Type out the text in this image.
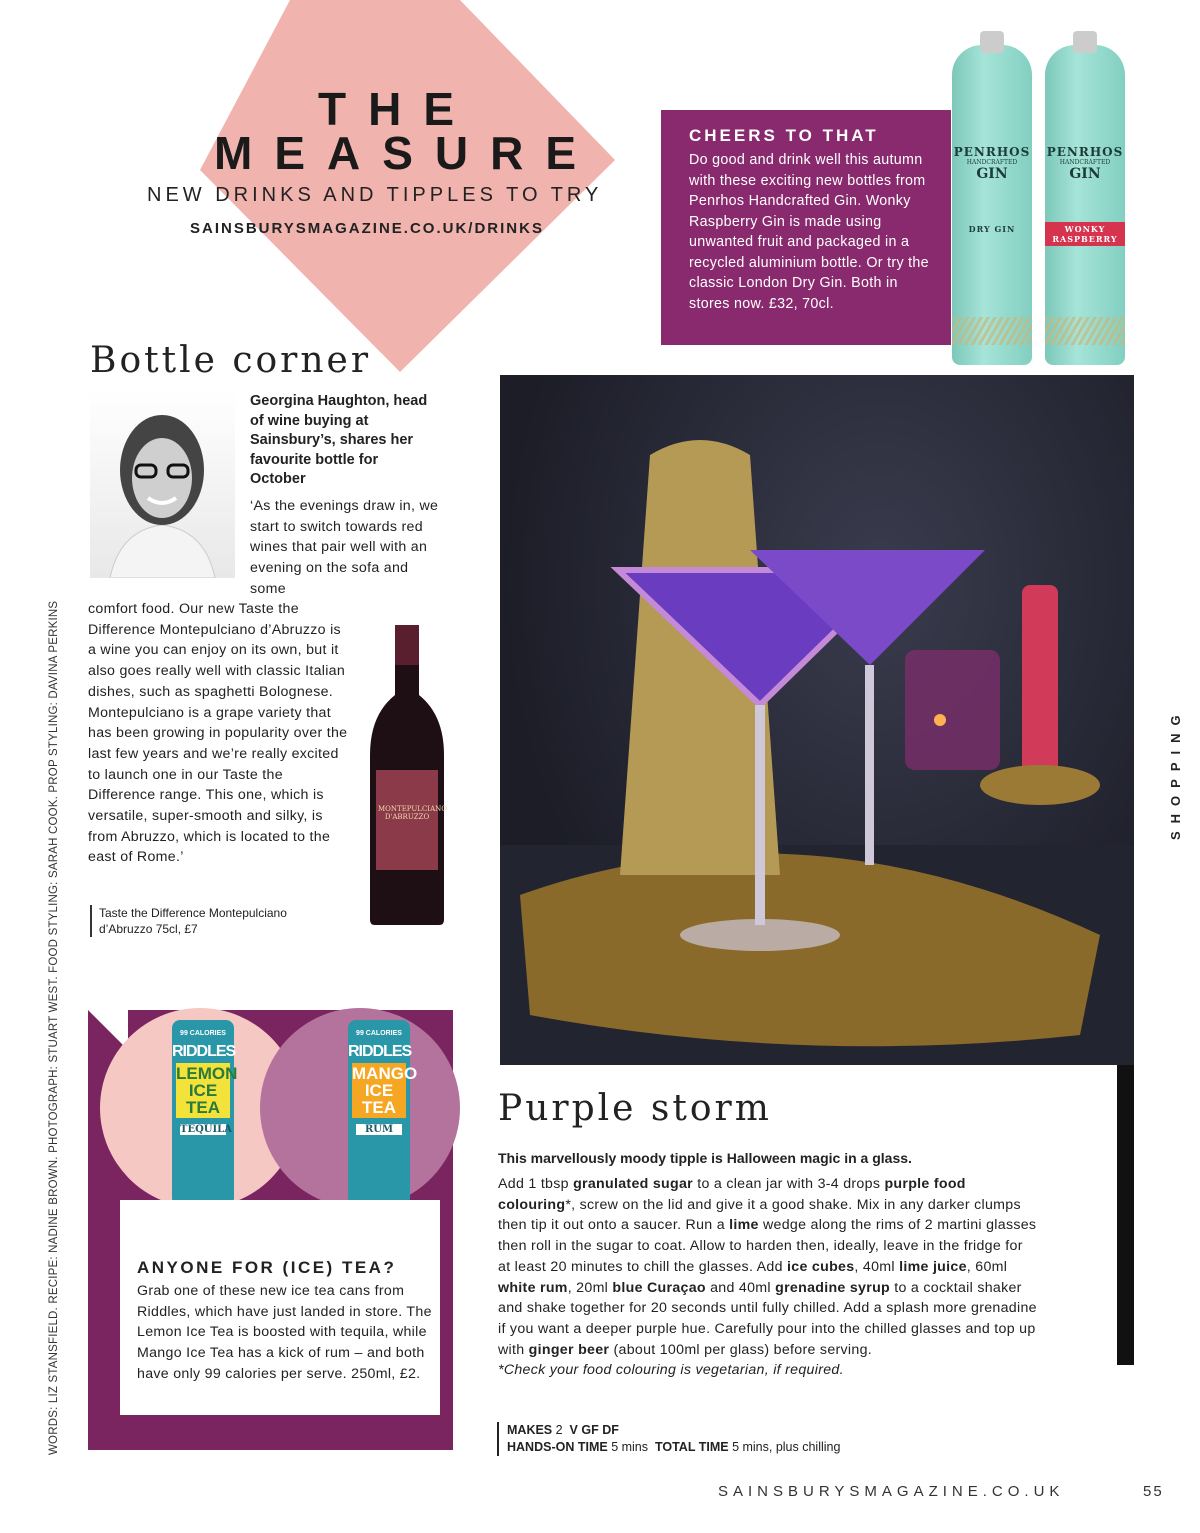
THE
MEASURE
NEW DRINKS AND TIPPLES TO TRY
SAINSBURYSMAGAZINE.CO.UK/DRINKS
CHEERS TO THAT

Do good and drink well this autumn with these exciting new bottles from Penrhos Handcrafted Gin. Wonky Raspberry Gin is made using unwanted fruit and packaged in a recycled aluminium bottle. Or try the classic London Dry Gin. Both in stores now. £32, 70cl.

PENRHOS
HANDCRAFTED
GIN
DRY GIN
PENRHOS
HANDCRAFTED
GIN
WONKY RASPBERRY
Bottle corner
Georgina Haughton, head of wine buying at Sainsbury’s, shares her favourite bottle for October
‘As the evenings draw in, we start to switch towards red wines that pair well with an evening on the sofa and some
comfort food. Our new Taste the Difference Montepulciano d’Abruzzo is a wine you can enjoy on its own, but it also goes really well with classic Italian dishes, such as spaghetti Bolognese. Montepulciano is a grape variety that has been growing in popularity over the last few years and we’re really excited to launch one in our Taste the Difference range. This one, which is versatile, super-smooth and silky, is from Abruzzo, which is located to the east of Rome.’
MONTEPULCIANO D'ABRUZZO
Taste the Difference Montepulciano d’Abruzzo 75cl, £7
WORDS: LIZ STANSFIELD. RECIPE: NADINE BROWN. PHOTOGRAPH: STUART WEST. FOOD STYLING: SARAH COOK. PROP STYLING: DAVINA PERKINS	SHOPPING
Purple storm
This marvellously moody tipple is Halloween magic in a glass.
Add 1 tbsp granulated sugar to a clean jar with 3-4 drops purple food colouring*, screw on the lid and give it a good shake. Mix in any darker clumps then tip it out onto a saucer. Run a lime wedge along the rims of 2 martini glasses then roll in the sugar to coat. Allow to harden then, ideally, leave in the fridge for at least 20 minutes to chill the glasses. Add ice cubes, 40ml lime juice, 60ml white rum, 20ml blue Curaçao and 40ml grenadine syrup to a cocktail shaker and shake together for 20 seconds until fully chilled. Add a splash more grenadine if you want a deeper purple hue. Carefully pour into the chilled glasses and top up with ginger beer (about 100ml per glass) before serving.
*Check your food colouring is vegetarian, if required.
MAKES 2 V GF DF
HANDS-ON TIME 5 mins TOTAL TIME 5 mins, plus chilling
99 CALORIES
RIDDLES
LEMON ICE TEA
TEQUILA
99 CALORIES
RIDDLES
MANGO ICE TEA
RUM
ANYONE FOR (ICE) TEA?
Grab one of these new ice tea cans from Riddles, which have just landed in store. The Lemon Ice Tea is boosted with tequila, while Mango Ice Tea has a kick of rum – and both have only 99 calories per serve. 250ml, £2.
SAINSBURYSMAGAZINE.CO.UK	55
